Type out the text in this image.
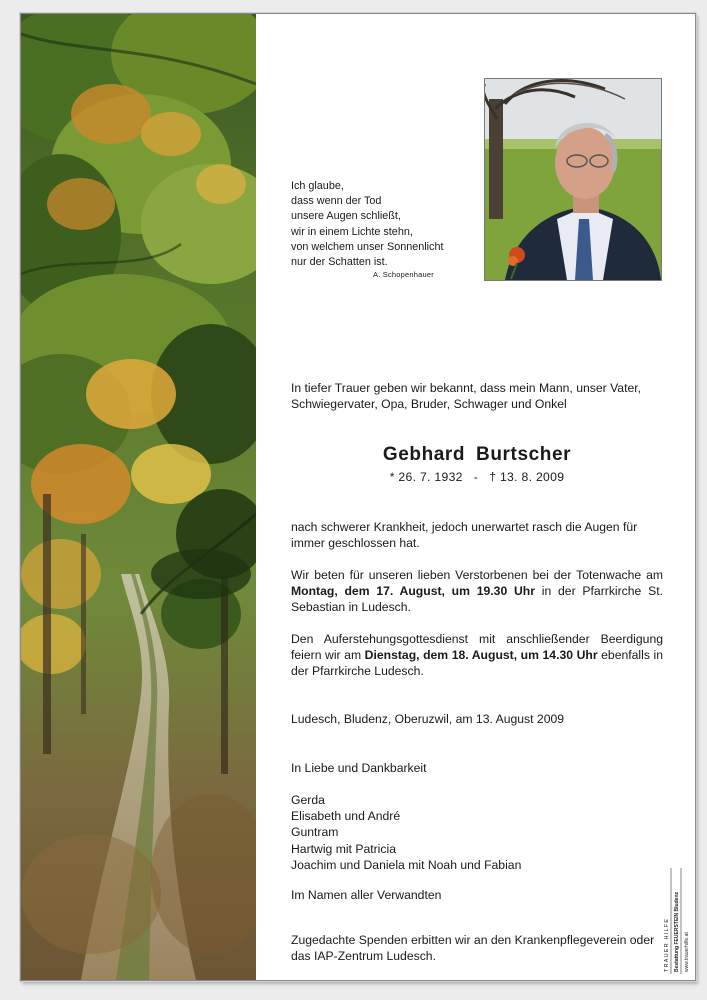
Ich glaube,
dass wenn der Tod
unsere Augen schließt,
wir in einem Lichte stehn,
von welchem unser Sonnenlicht
nur der Schatten ist.
A. Schopenhauer
In tiefer Trauer geben wir bekannt, dass mein Mann, unser Vater, Schwiegervater, Opa, Bruder, Schwager und Onkel
Gebhard Burtscher
* 26. 7. 1932 - † 13. 8. 2009
nach schwerer Krankheit, jedoch unerwartet rasch die Augen für immer geschlossen hat.
Wir beten für unseren lieben Verstorbenen bei der Totenwache am Montag, dem 17. August, um 19.30 Uhr in der Pfarrkirche St. Sebastian in Ludesch.
Den Auferstehungsgottesdienst mit anschließender Beerdigung feiern wir am Dienstag, dem 18. August, um 14.30 Uhr ebenfalls in der Pfarrkirche Ludesch.
Ludesch, Bludenz, Oberuzwil, am 13. August 2009
In Liebe und Dankbarkeit
Gerda
Elisabeth und André
Guntram
Hartwig mit Patricia
Joachim und Daniela mit Noah und Fabian
Im Namen aller Verwandten
Zugedachte Spenden erbitten wir an den Krankenpflegeverein oder das IAP-Zentrum Ludesch.	TRAUER HILFE Bestattung FEUERSTEIN Bludenz www.trauerhilfe.at
